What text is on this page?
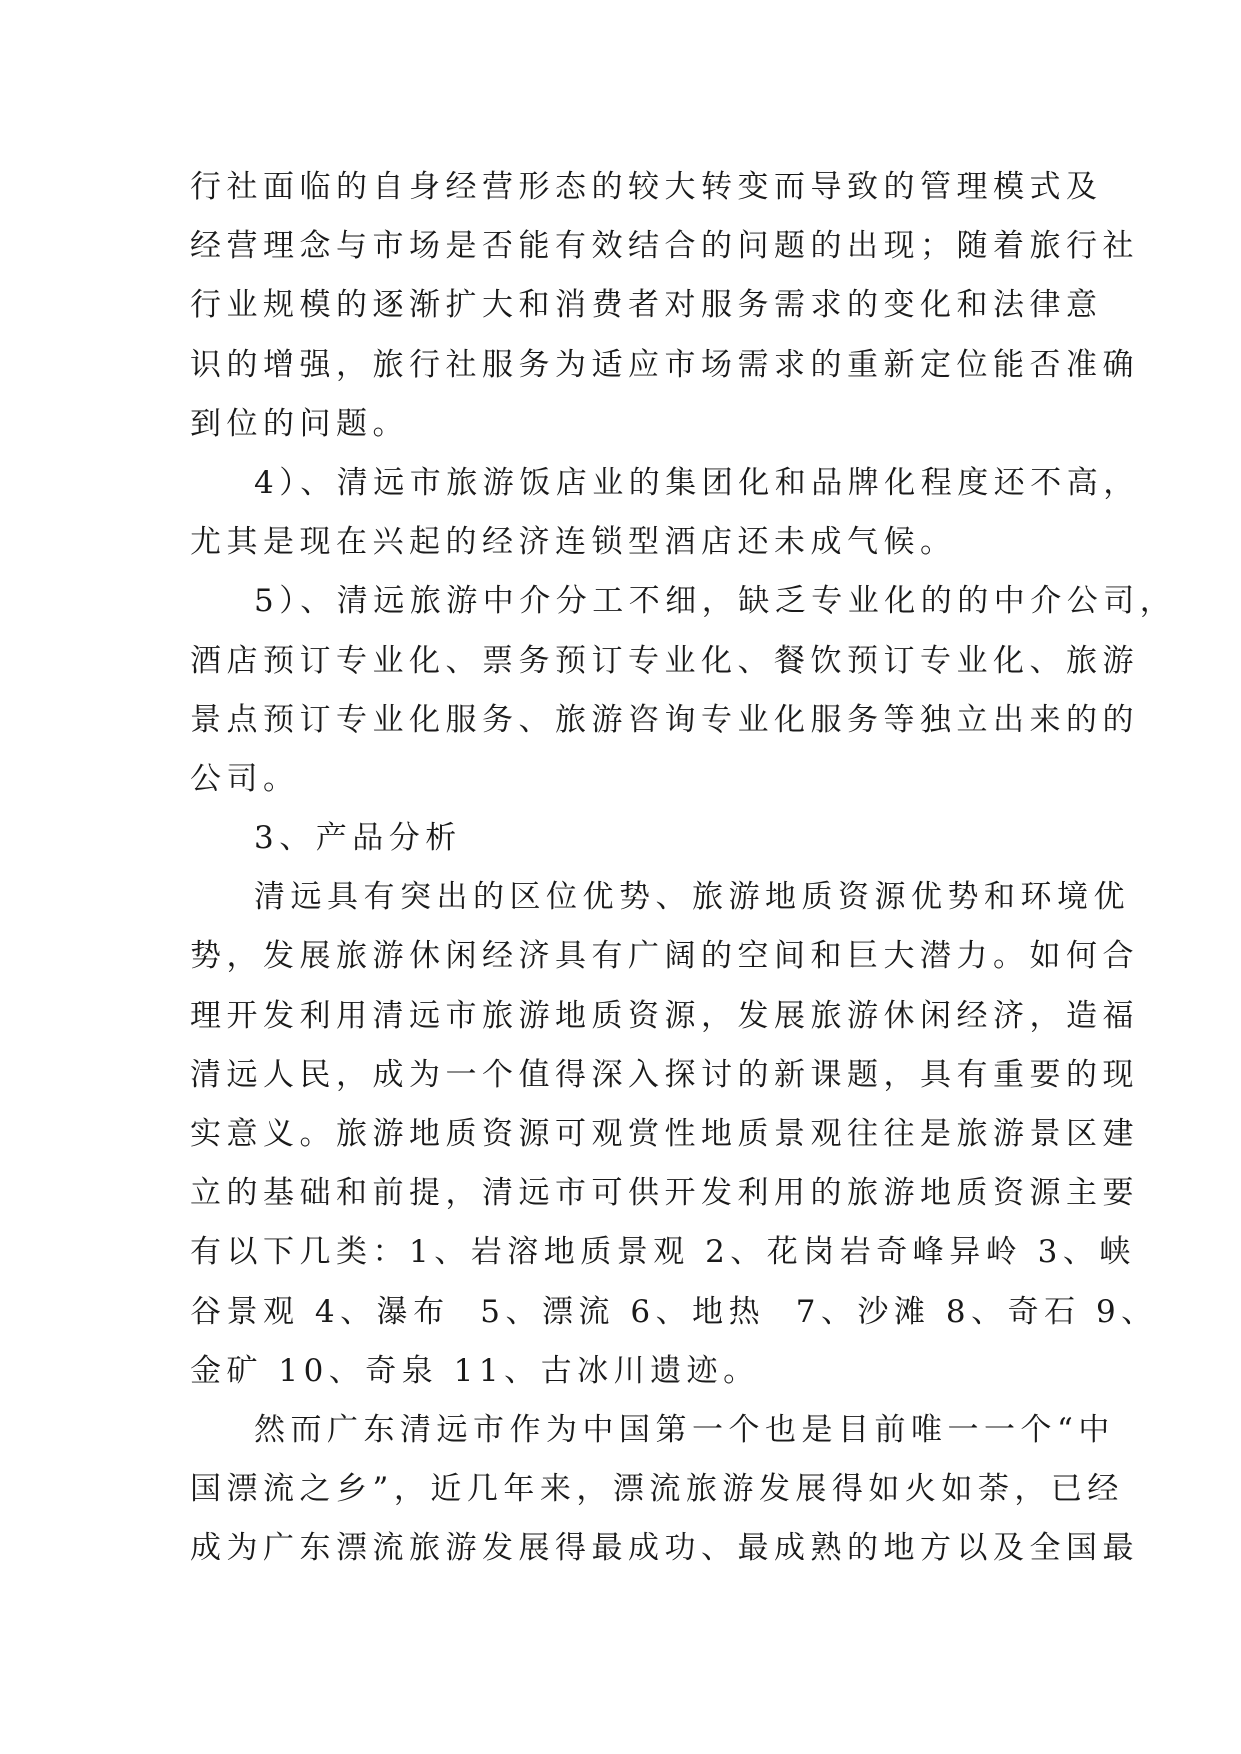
行社面临的自身经营形态的较大转变而导致的管理模式及
经营理念与市场是否能有效结合的问题的出现；随着旅行社
行业规模的逐渐扩大和消费者对服务需求的变化和法律意
识的增强，旅行社服务为适应市场需求的重新定位能否准确
到位的问题。
4）、清远市旅游饭店业的集团化和品牌化程度还不高，
尤其是现在兴起的经济连锁型酒店还未成气候。
5）、清远旅游中介分工不细，缺乏专业化的的中介公司，
酒店预订专业化、票务预订专业化、餐饮预订专业化、旅游
景点预订专业化服务、旅游咨询专业化服务等独立出来的的
公司。
3、产品分析
清远具有突出的区位优势、旅游地质资源优势和环境优
势，发展旅游休闲经济具有广阔的空间和巨大潜力。如何合
理开发利用清远市旅游地质资源，发展旅游休闲经济，造福
清远人民，成为一个值得深入探讨的新课题，具有重要的现
实意义。旅游地质资源可观赏性地质景观往往是旅游景区建
立的基础和前提，清远市可供开发利用的旅游地质资源主要
有以下几类：1、岩溶地质景观 2、花岗岩奇峰异岭 3、峡
谷景观 4、瀑布  5、漂流 6、地热  7、沙滩 8、奇石 9、
金矿 10、奇泉 11、古冰川遗迹。
然而广东清远市作为中国第一个也是目前唯一一个“中
国漂流之乡”，近几年来，漂流旅游发展得如火如荼，已经
成为广东漂流旅游发展得最成功、最成熟的地方以及全国最
